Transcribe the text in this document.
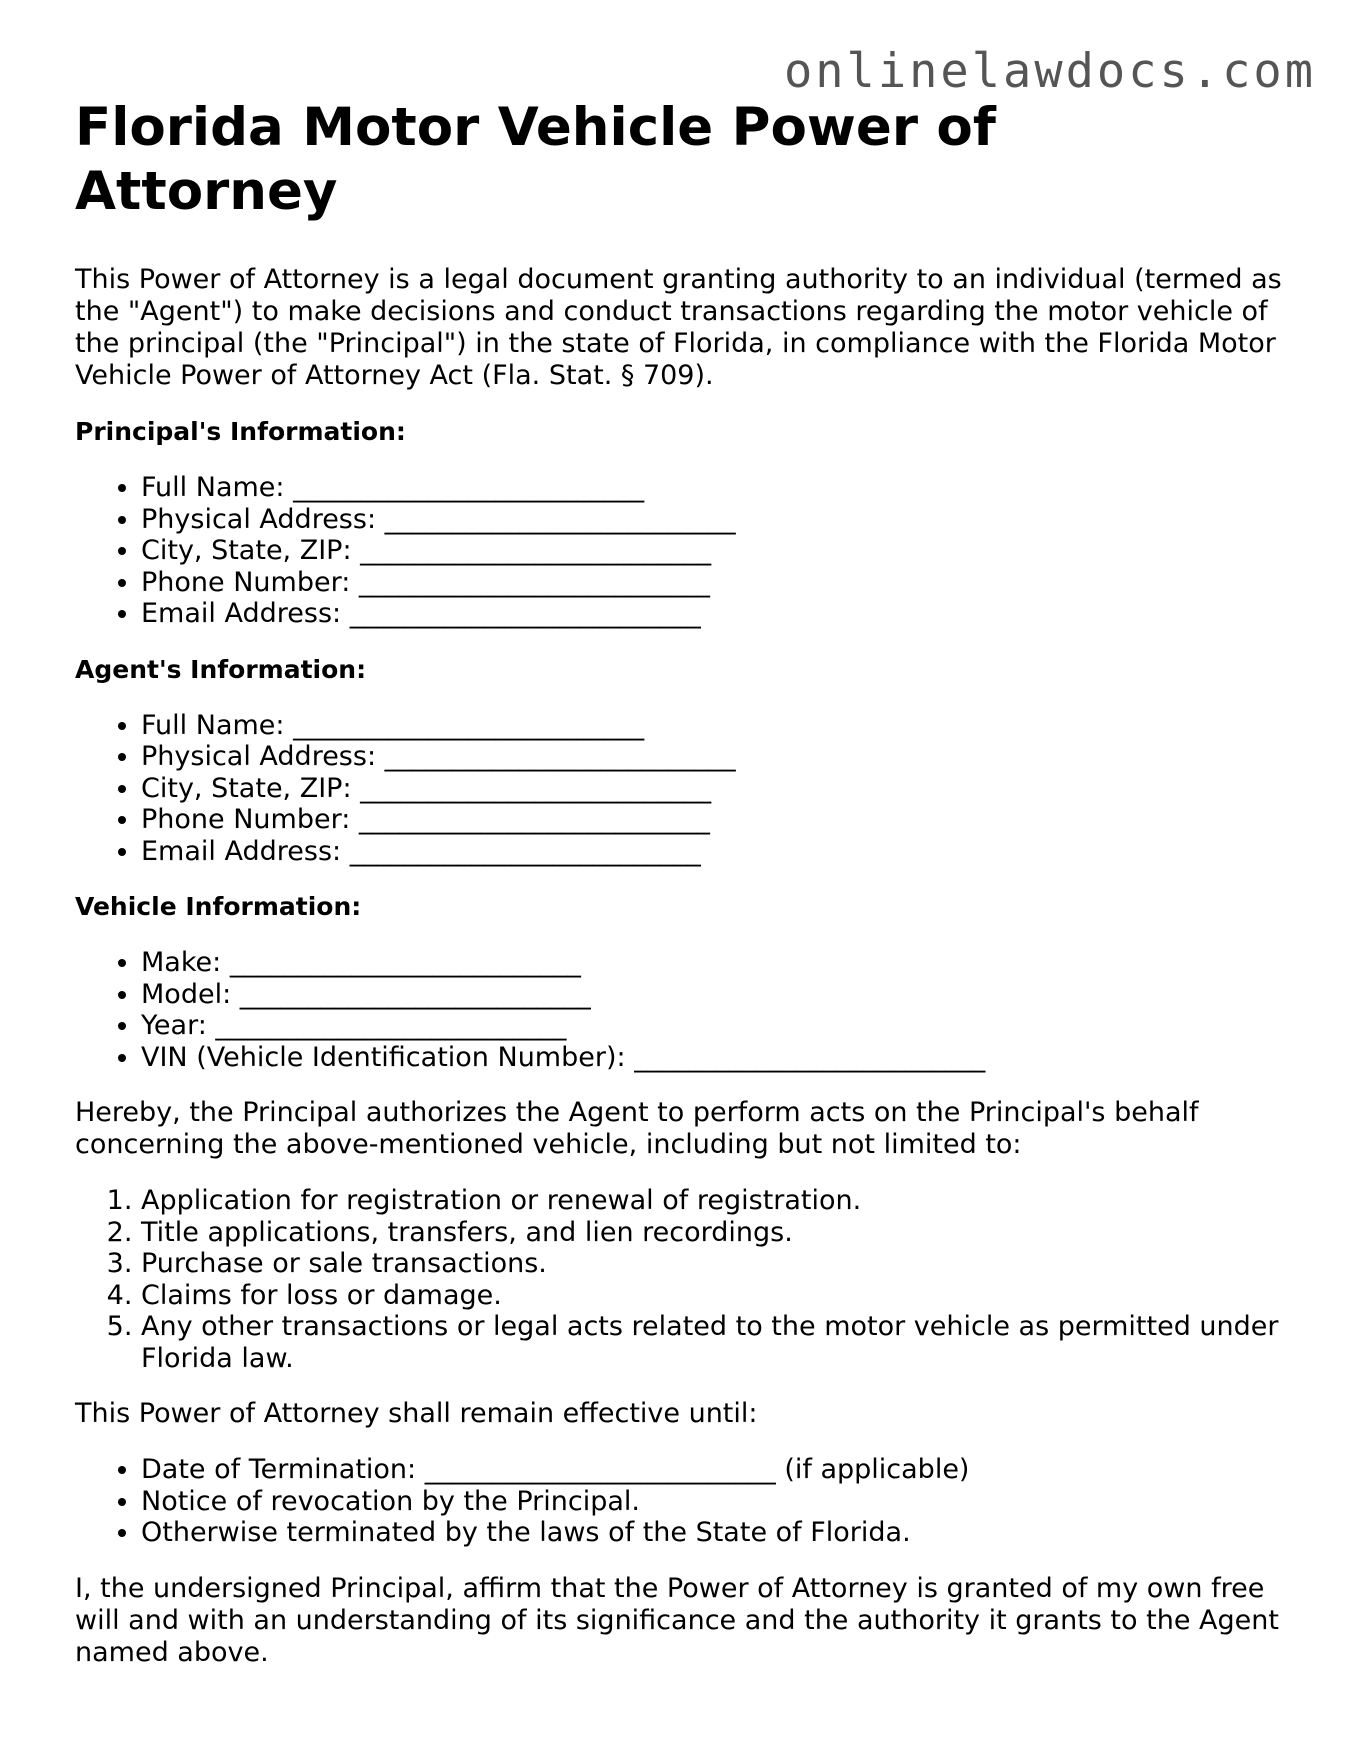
onlinelawdocs.com
Florida Motor Vehicle Power of Attorney

This Power of Attorney is a legal document granting authority to an individual (termed as the "Agent") to make decisions and conduct transactions regarding the motor vehicle of the principal (the "Principal") in the state of Florida, in compliance with the Florida Motor Vehicle Power of Attorney Act (Fla. Stat. § 709).

Principal's Information:
• Full Name: __________________________
• Physical Address: __________________________
• City, State, ZIP: __________________________
• Phone Number: __________________________
• Email Address: __________________________
Agent's Information:
• Full Name: __________________________
• Physical Address: __________________________
• City, State, ZIP: __________________________
• Phone Number: __________________________
• Email Address: __________________________
Vehicle Information:
• Make: __________________________
• Model: __________________________
• Year: __________________________
• VIN (Vehicle Identification Number): __________________________

Hereby, the Principal authorizes the Agent to perform acts on the Principal's behalf concerning the above-mentioned vehicle, including but not limited to:

1. Application for registration or renewal of registration.
2. Title applications, transfers, and lien recordings.
3. Purchase or sale transactions.
4. Claims for loss or damage.
5. Any other transactions or legal acts related to the motor vehicle as permitted under Florida law.

This Power of Attorney shall remain effective until:

• Date of Termination: __________________________ (if applicable)
• Notice of revocation by the Principal.
• Otherwise terminated by the laws of the State of Florida.

I, the undersigned Principal, affirm that the Power of Attorney is granted of my own free will and with an understanding of its significance and the authority it grants to the Agent named above.
